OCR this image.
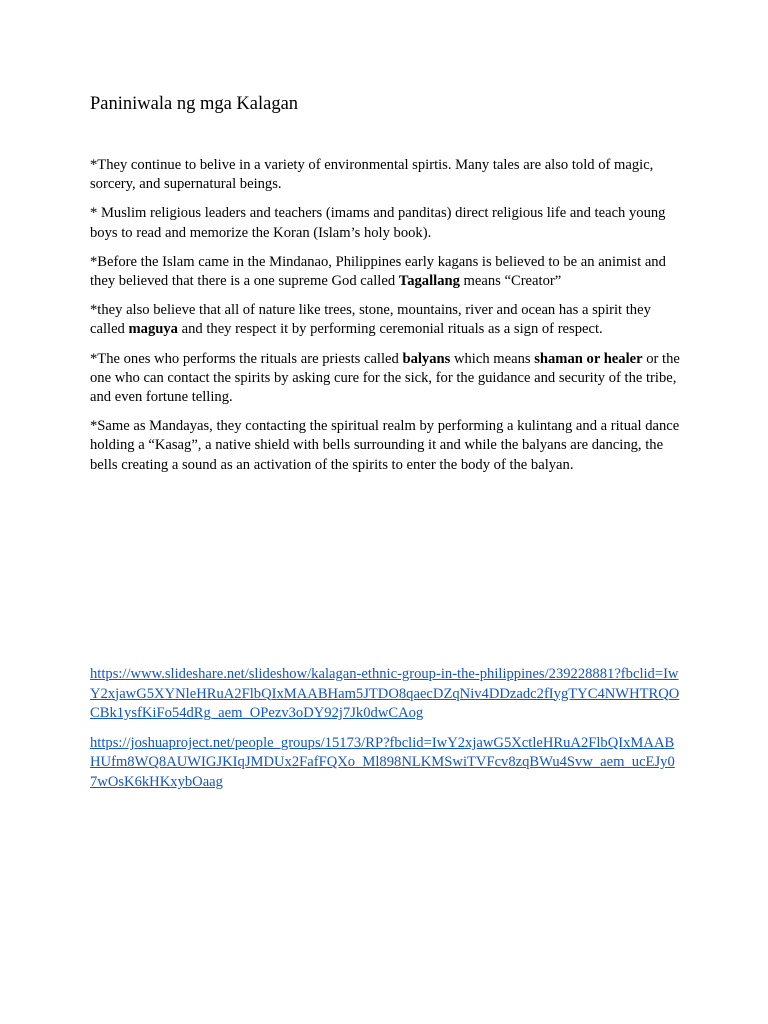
Paniniwala ng mga Kalagan

*They continue to belive in a variety of environmental spirtis. Many tales are also told of magic, sorcery, and supernatural beings.

* Muslim religious leaders and teachers (imams and panditas) direct religious life and teach young boys to read and memorize the Koran (Islam’s holy book).

*Before the Islam came in the Mindanao, Philippines early kagans is believed to be an animist and they believed that there is a one supreme God called Tagallang means “Creator”

*they also believe that all of nature like trees, stone, mountains, river and ocean has a spirit they called maguya and they respect it by performing ceremonial rituals as a sign of respect.

*The ones who performs the rituals are priests called balyans which means shaman or healer or the one who can contact the spirits by asking cure for the sick, for the guidance and security of the tribe, and even fortune telling.

*Same as Mandayas, they contacting the spiritual realm by performing a kulintang and a ritual dance holding a “Kasag”, a native shield with bells surrounding it and while the balyans are dancing, the bells creating a sound as an activation of the spirits to enter the body of the balyan.

https://www.slideshare.net/slideshow/kalagan-ethnic-group-in-the-philippines/239228881?fbclid=IwY2xjawG5XYNleHRuA2FlbQIxMAABHam5JTDO8qaecDZqNiv4DDzadc2fIygTYC4NWHTRQOCBk1ysfKiFo54dRg_aem_OPezv3oDY92j7Jk0dwCAog
https://joshuaproject.net/people_groups/15173/RP?fbclid=IwY2xjawG5XctleHRuA2FlbQIxMAABHUfm8WQ8AUWIGJKIqJMDUx2FafFQXo_Ml898NLKMSwiTVFcv8zqBWu4Svw_aem_ucEJy07wOsK6kHKxybOaag
